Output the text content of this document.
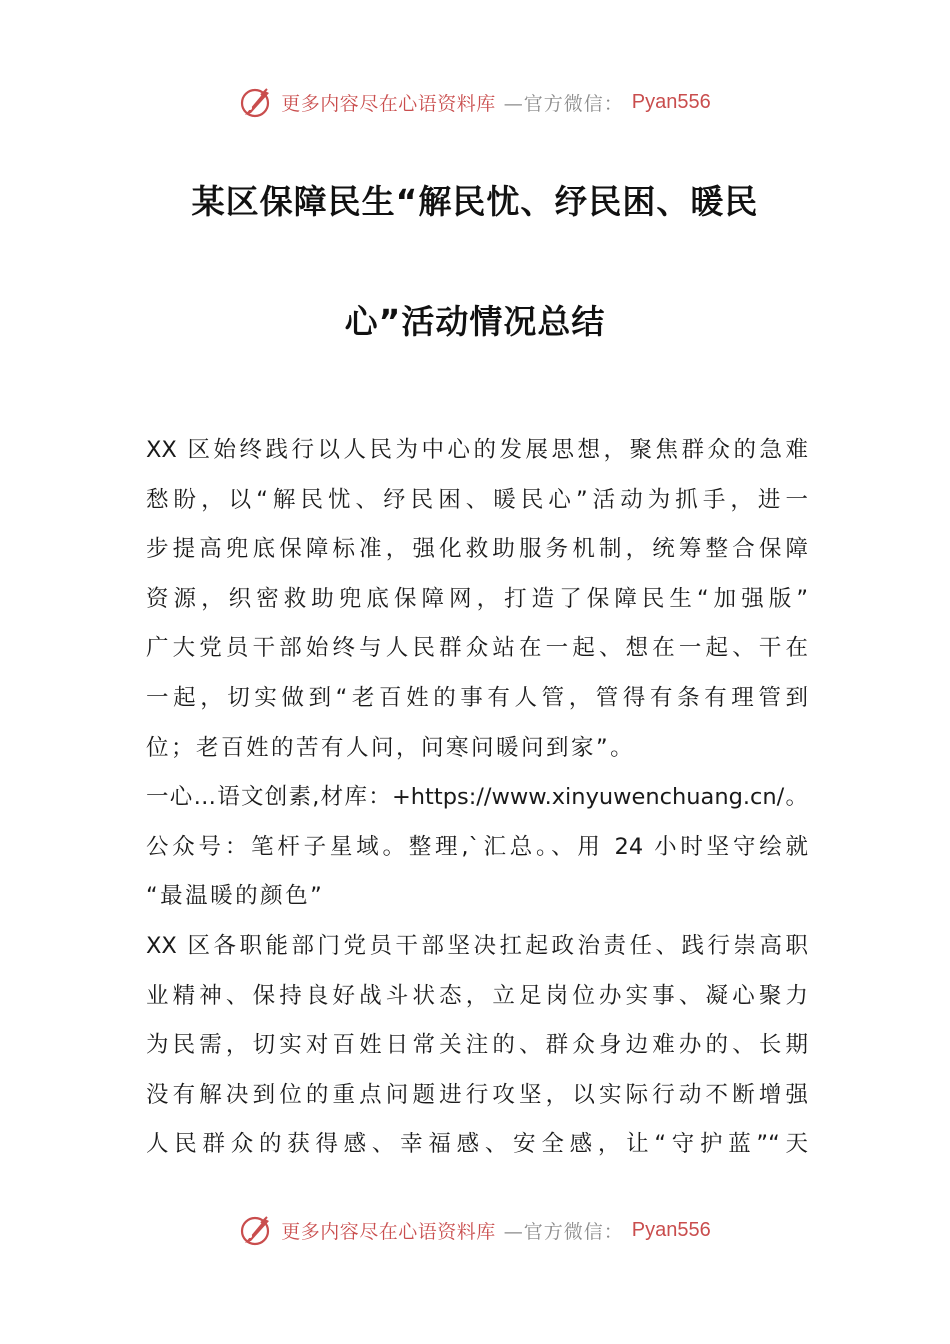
更多内容尽在心语资料库 —官方微信： Pyan556
某区保障民生“解民忧、纾民困、暖民
心”活动情况总结
XX 区始终践行以人民为中心的发展思想，聚焦群众的急难
愁盼，以“解民忧、纾民困、暖民心”活动为抓手，进一
步提高兜底保障标准，强化救助服务机制，统筹整合保障
资源，织密救助兜底保障网，打造了保障民生“加强版”
广大党员干部始终与人民群众站在一起、想在一起、干在
一起，切实做到“老百姓的事有人管，管得有条有理管到
位；老百姓的苦有人问，问寒问暖问到家”。
一心…语文创素,材库：+https://www.xinyuwenchuang.cn/。
公众号：笔杆子星域。整理,`汇总。、用 24 小时坚守绘就
“最温暖的颜色”
XX 区各职能部门党员干部坚决扛起政治责任、践行崇高职
业精神、保持良好战斗状态，立足岗位办实事、凝心聚力
为民需，切实对百姓日常关注的、群众身边难办的、长期
没有解决到位的重点问题进行攻坚，以实际行动不断增强
人民群众的获得感、幸福感、安全感，让“守护蓝”“天
更多内容尽在心语资料库 —官方微信： Pyan556
